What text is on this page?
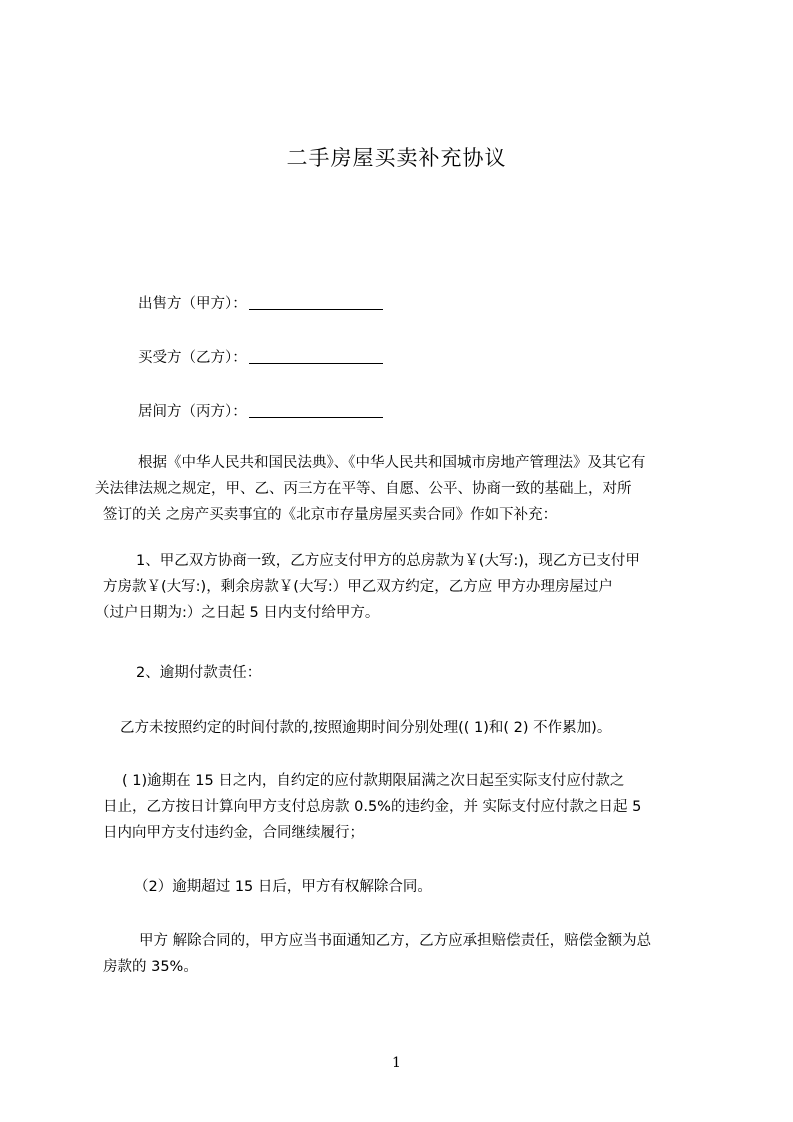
二手房屋买卖补充协议
出售方（甲方）：
买受方（乙方）：
居间方（丙方）：
根据《中华人民共和国民法典》、《中华人民共和国城市房地产管理法》及其它有
关法律法规之规定，甲、乙、丙三方在平等、自愿、公平、协商一致的基础上，对所
签订的关 之房产买卖事宜的《北京市存量房屋买卖合同》作如下补充：
1、甲乙双方协商一致，乙方应支付甲方的总房款为￥(大写:)，现乙方已支付甲
方房款￥(大写:)，剩余房款￥(大写:）甲乙双方约定，乙方应 甲方办理房屋过户
（过户日期为:）之日起 5 日内支付给甲方。
2、逾期付款责任：
乙方未按照约定的时间付款的,按照逾期时间分别处理(( 1)和( 2) 不作累加)。
( 1)逾期在 15 日之内，自约定的应付款期限届满之次日起至实际支付应付款之
日止，乙方按日计算向甲方支付总房款 0.5%的违约金，并 实际支付应付款之日起 5
日内向甲方支付违约金，合同继续履行；
（2）逾期超过 15 日后，甲方有权解除合同。
甲方 解除合同的，甲方应当书面通知乙方，乙方应承担赔偿责任，赔偿金额为总
房款的 35%。
1
